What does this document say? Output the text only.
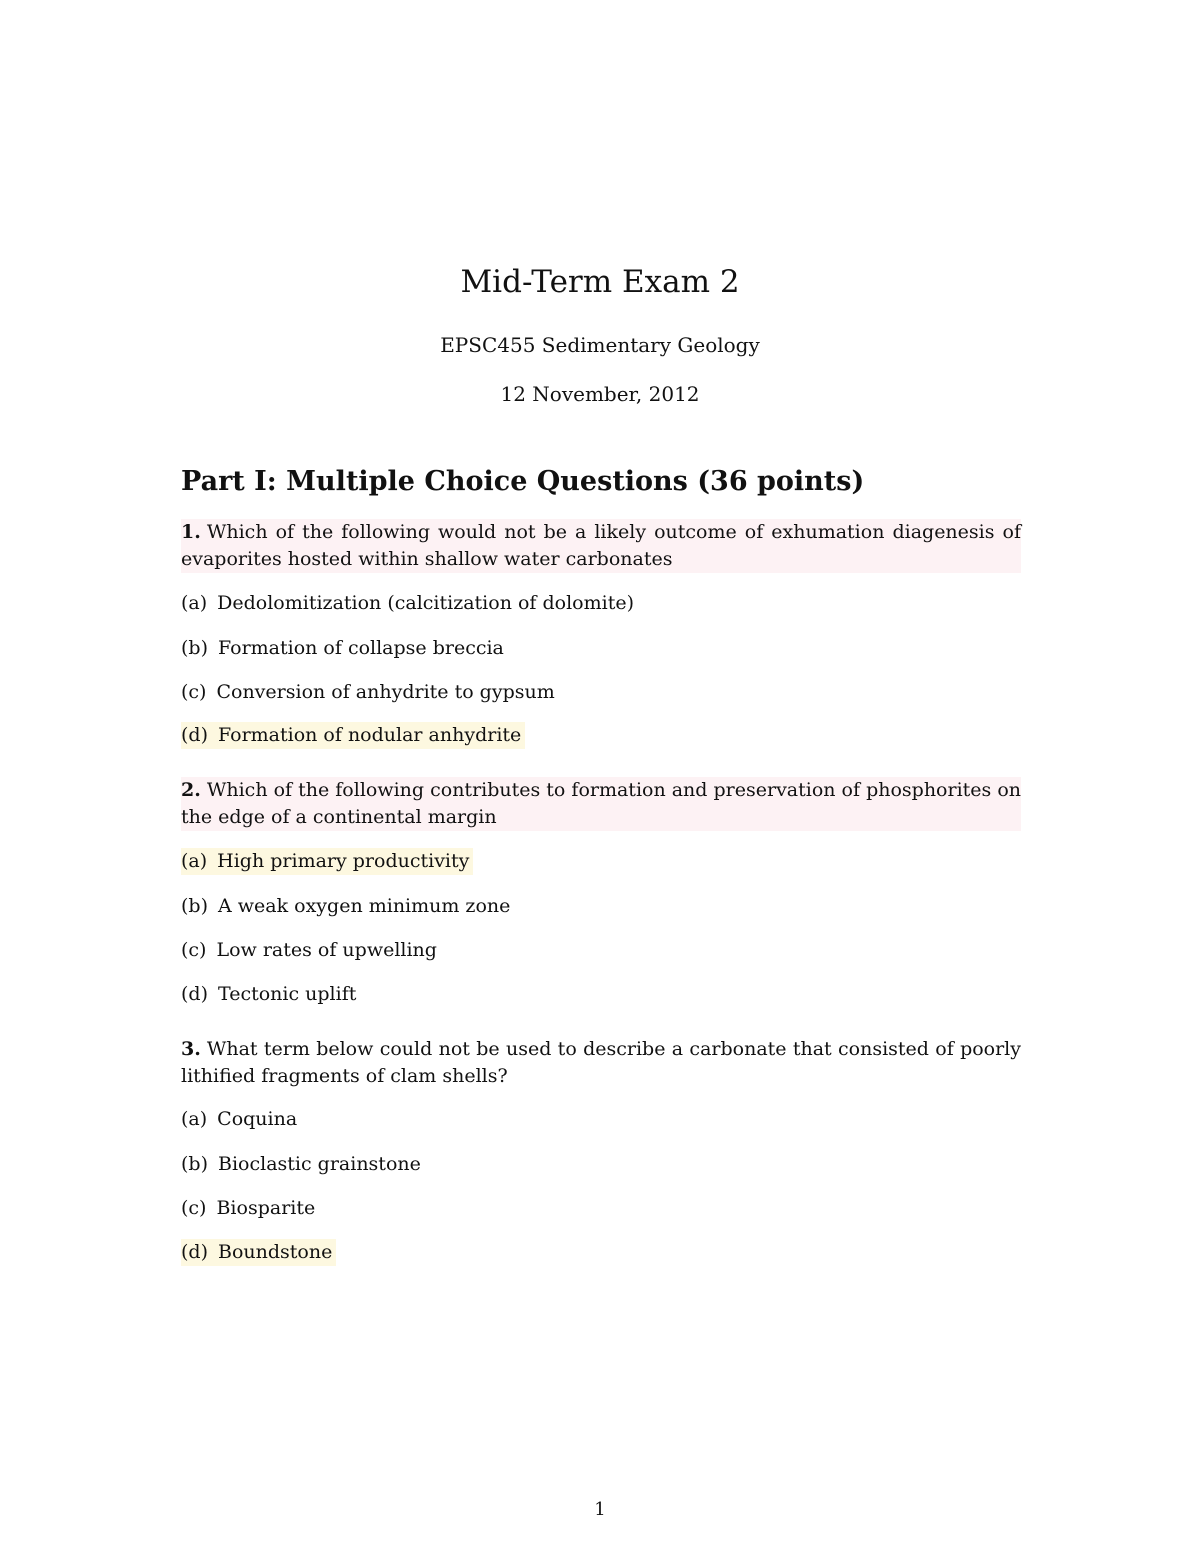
Mid-Term Exam 2
EPSC455 Sedimentary Geology
12 November, 2012
Part I: Multiple Choice Questions (36 points)
1. Which of the following would not be a likely outcome of exhumation diagenesis of evaporites hosted within shallow water carbonates
(a) Dedolomitization (calcitization of dolomite)
(b) Formation of collapse breccia
(c) Conversion of anhydrite to gypsum
(d) Formation of nodular anhydrite
2. Which of the following contributes to formation and preservation of phosphorites on the edge of a continental margin
(a) High primary productivity
(b) A weak oxygen minimum zone
(c) Low rates of upwelling
(d) Tectonic uplift
3. What term below could not be used to describe a carbonate that consisted of poorly lithified fragments of clam shells?
(a) Coquina
(b) Bioclastic grainstone
(c) Biosparite
(d) Boundstone
1
